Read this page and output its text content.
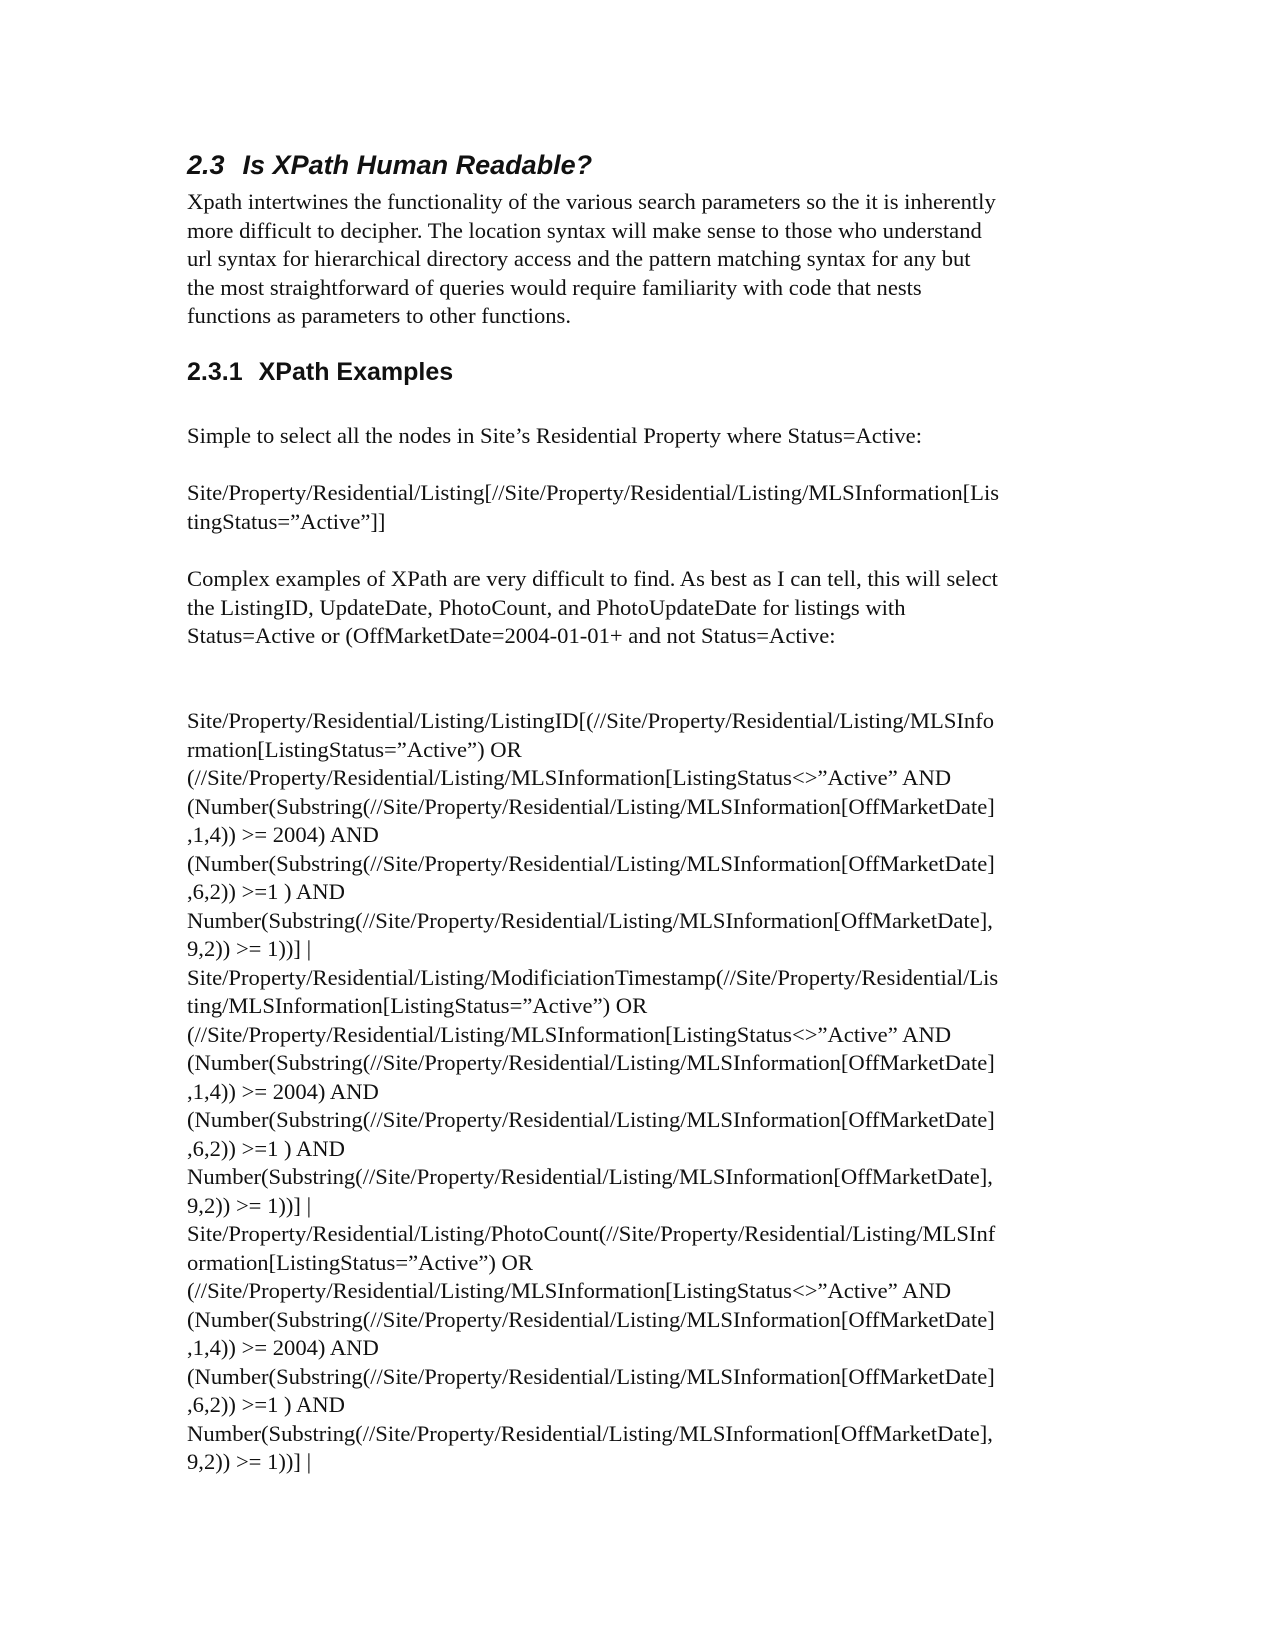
2.3 Is XPath Human Readable?

Xpath intertwines the functionality of the various search parameters so the it is inherently
more difficult to decipher. The location syntax will make sense to those who understand
url syntax for hierarchical directory access and the pattern matching syntax for any but
the most straightforward of queries would require familiarity with code that nests
functions as parameters to other functions.

2.3.1 XPath Examples

Simple to select all the nodes in Site’s Residential Property where Status=Active:

Site/Property/Residential/Listing[//Site/Property/Residential/Listing/MLSInformation[Lis
tingStatus=”Active”]]

Complex examples of XPath are very difficult to find. As best as I can tell, this will select
the ListingID, UpdateDate, PhotoCount, and PhotoUpdateDate for listings with
Status=Active or (OffMarketDate=2004-01-01+ and not Status=Active:

Site/Property/Residential/Listing/ListingID[(//Site/Property/Residential/Listing/MLSInfo
rmation[ListingStatus=”Active”) OR
(//Site/Property/Residential/Listing/MLSInformation[ListingStatus<>”Active” AND
(Number(Substring(//Site/Property/Residential/Listing/MLSInformation[OffMarketDate]
,1,4)) >= 2004) AND
(Number(Substring(//Site/Property/Residential/Listing/MLSInformation[OffMarketDate]
,6,2)) >=1 ) AND
Number(Substring(//Site/Property/Residential/Listing/MLSInformation[OffMarketDate],
9,2)) >= 1))] |
Site/Property/Residential/Listing/ModificiationTimestamp(//Site/Property/Residential/Lis
ting/MLSInformation[ListingStatus=”Active”) OR
(//Site/Property/Residential/Listing/MLSInformation[ListingStatus<>”Active” AND
(Number(Substring(//Site/Property/Residential/Listing/MLSInformation[OffMarketDate]
,1,4)) >= 2004) AND
(Number(Substring(//Site/Property/Residential/Listing/MLSInformation[OffMarketDate]
,6,2)) >=1 ) AND
Number(Substring(//Site/Property/Residential/Listing/MLSInformation[OffMarketDate],
9,2)) >= 1))] |
Site/Property/Residential/Listing/PhotoCount(//Site/Property/Residential/Listing/MLSInf
ormation[ListingStatus=”Active”) OR
(//Site/Property/Residential/Listing/MLSInformation[ListingStatus<>”Active” AND
(Number(Substring(//Site/Property/Residential/Listing/MLSInformation[OffMarketDate]
,1,4)) >= 2004) AND
(Number(Substring(//Site/Property/Residential/Listing/MLSInformation[OffMarketDate]
,6,2)) >=1 ) AND
Number(Substring(//Site/Property/Residential/Listing/MLSInformation[OffMarketDate],
9,2)) >= 1))] |
